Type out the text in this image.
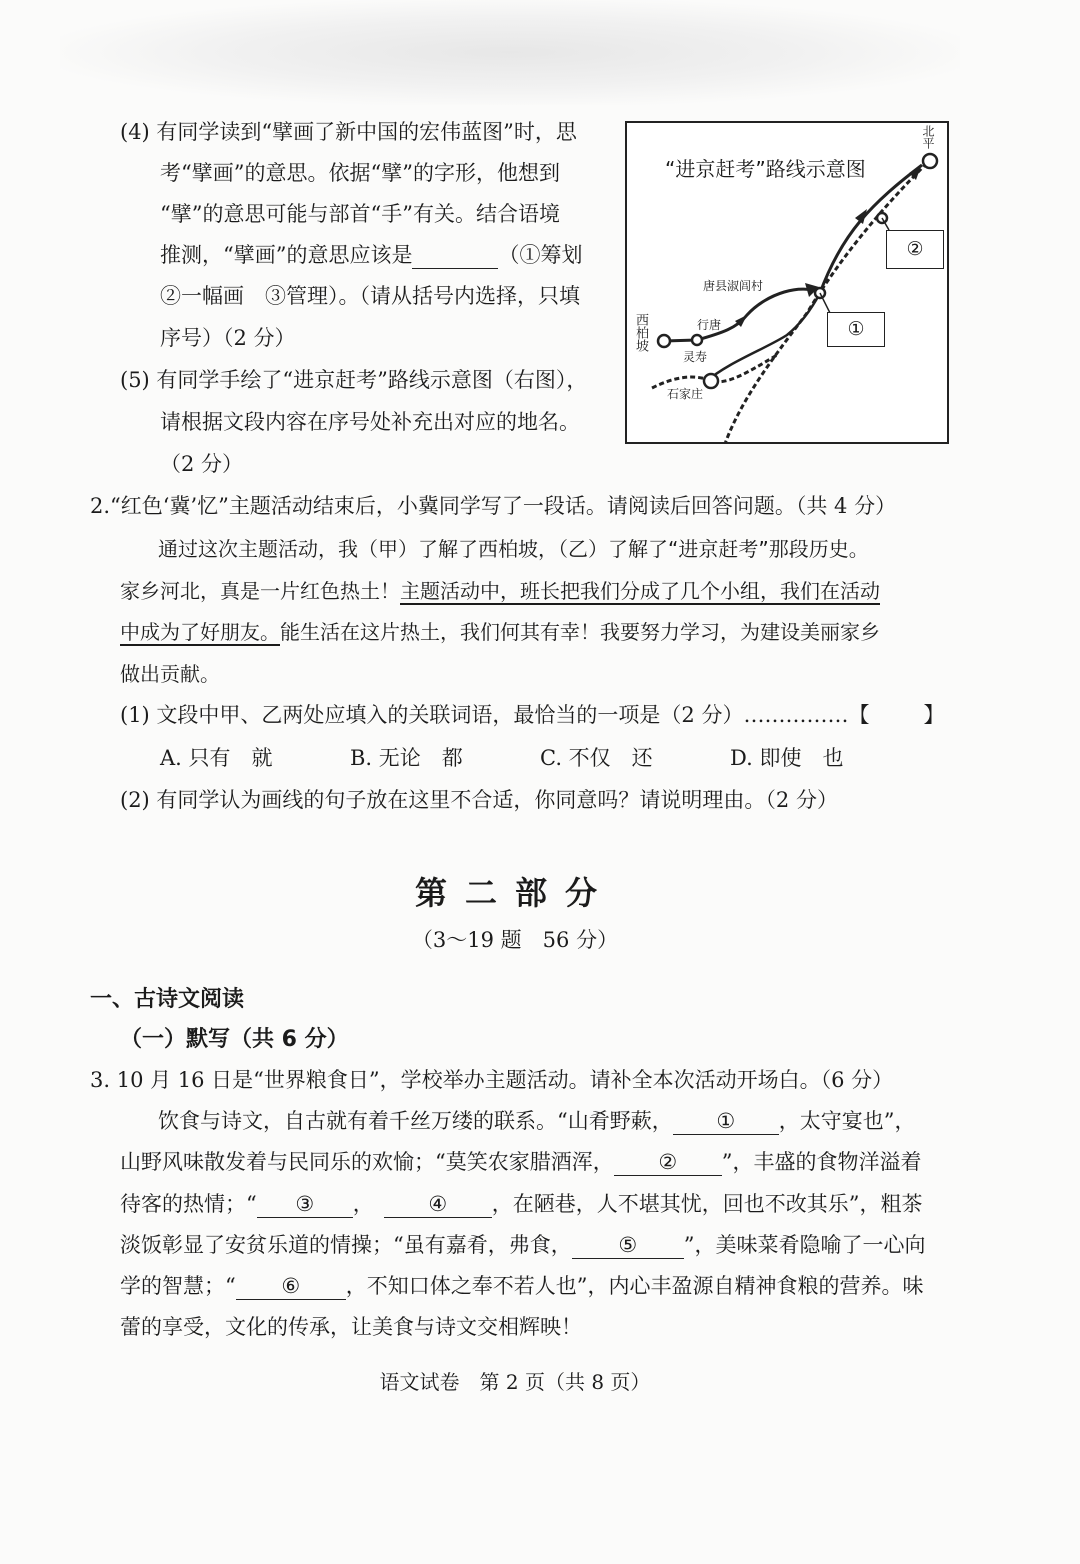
(4) 有同学读到“擘画了新中国的宏伟蓝图”时，思
考“擘画”的意思。依据“擘”的字形，他想到
“擘”的意思可能与部首“手”有关。结合语境
推测，“擘画”的意思应该是	（①筹划
②一幅画　③管理）。（请从括号内选择，只填
序号）（2 分）
(5) 有同学手绘了“进京赶考”路线示意图（右图），
请根据文段内容在序号处补充出对应的地名。
（2 分）
“进京赶考”路线示意图
北平
西柏坡	行唐
灵寿
石家庄
唐县淑闾村
①
②
2.“红色‘冀’忆”主题活动结束后，小冀同学写了一段话。请阅读后回答问题。（共 4 分）
通过这次主题活动，我（甲）了解了西柏坡，（乙）了解了“进京赶考”那段历史。
家乡河北，真是一片红色热土！主题活动中，班长把我们分成了几个小组，我们在活动
中成为了好朋友。能生活在这片热土，我们何其有幸！我要努力学习，为建设美丽家乡
做出贡献。
(1) 文段中甲、乙两处应填入的关联词语，最恰当的一项是（2 分）……………【	】
A. 只有　就	B. 无论　都	C. 不仅　还	D. 即使　也
(2) 有同学认为画线的句子放在这里不合适，你同意吗？请说明理由。（2 分）
第二部分
（3～19 题　56 分）
一、古诗文阅读
（一）默写（共 6 分）
3. 10 月 16 日是“世界粮食日”，学校举办主题活动。请补全本次活动开场白。（6 分）
饮食与诗文，自古就有着千丝万缕的联系。“山肴野蔌， ① ，太守宴也”，
山野风味散发着与民同乐的欢愉；“莫笑农家腊酒浑， ② ”，丰盛的食物洋溢着
待客的热情；“ ③ ，	④ ，在陋巷，人不堪其忧，回也不改其乐”，粗茶
淡饭彰显了安贫乐道的情操；“虽有嘉肴，弗食， ⑤ ”，美味菜肴隐喻了一心向
学的智慧；“ ⑥ ，不知口体之奉不若人也”，内心丰盈源自精神食粮的营养。味
蕾的享受，文化的传承，让美食与诗文交相辉映！
语文试卷　第 2 页（共 8 页）
